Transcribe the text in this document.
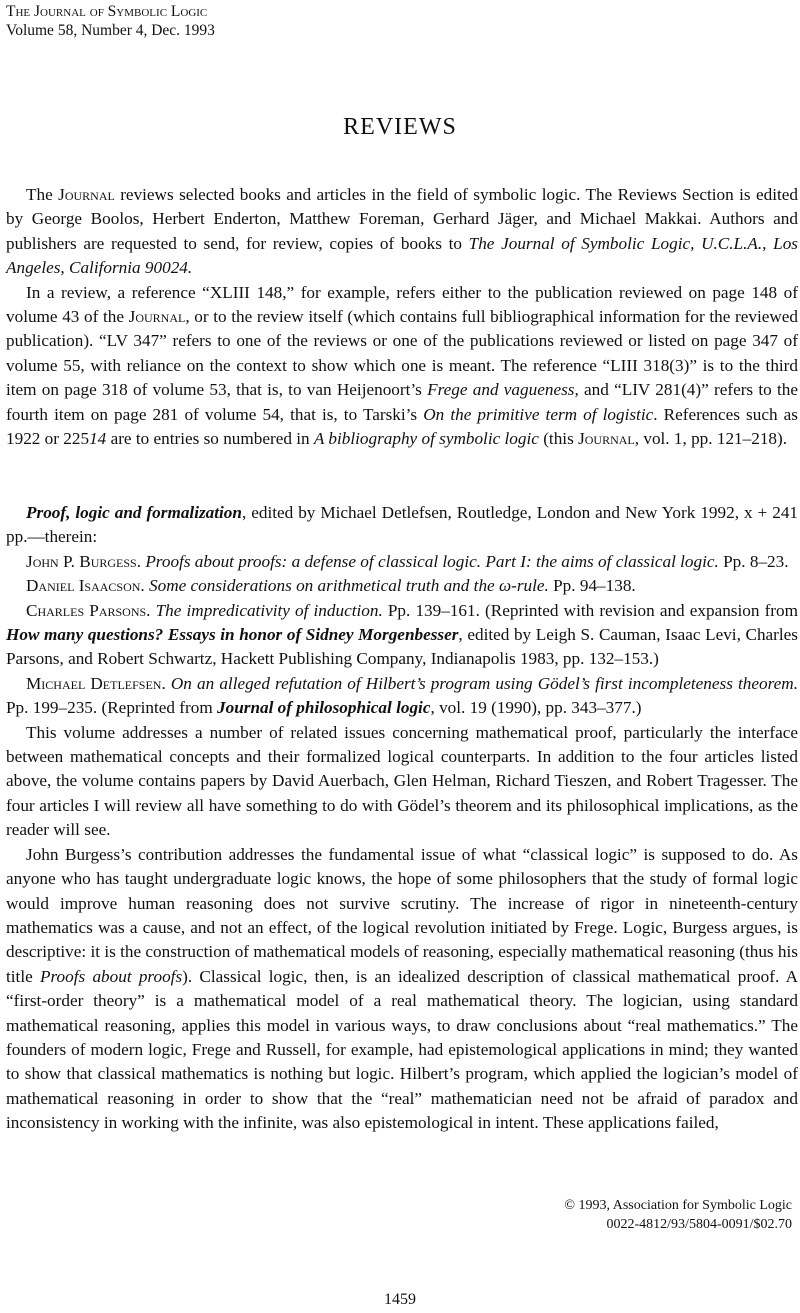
The Journal of Symbolic Logic
Volume 58, Number 4, Dec. 1993
REVIEWS

The Journal reviews selected books and articles in the field of symbolic logic. The Reviews Section is edited by George Boolos, Herbert Enderton, Matthew Foreman, Gerhard Jäger, and Michael Makkai. Authors and publishers are requested to send, for review, copies of books to The Journal of Symbolic Logic, U.C.L.A., Los Angeles, California 90024.

In a review, a reference “XLIII 148,” for example, refers either to the publication reviewed on page 148 of volume 43 of the Journal, or to the review itself (which contains full bibliographical information for the reviewed publication). “LV 347” refers to one of the reviews or one of the publications reviewed or listed on page 347 of volume 55, with reliance on the context to show which one is meant. The reference “LIII 318(3)” is to the third item on page 318 of volume 53, that is, to van Heijenoort’s Frege and vagueness, and “LIV 281(4)” refers to the fourth item on page 281 of volume 54, that is, to Tarski’s On the primitive term of logistic. References such as 1922 or 22514 are to entries so numbered in A bibliography of symbolic logic (this Journal, vol. 1, pp. 121–218).

Proof, logic and formalization, edited by Michael Detlefsen, Routledge, London and New York 1992, x + 241 pp.—therein:

John P. Burgess. Proofs about proofs: a defense of classical logic. Part I: the aims of classical logic. Pp. 8–23.

Daniel Isaacson. Some considerations on arithmetical truth and the ω-rule. Pp. 94–138.

Charles Parsons. The impredicativity of induction. Pp. 139–161. (Reprinted with revision and expansion from How many questions? Essays in honor of Sidney Morgenbesser, edited by Leigh S. Cauman, Isaac Levi, Charles Parsons, and Robert Schwartz, Hackett Publishing Company, Indianapolis 1983, pp. 132–153.)

Michael Detlefsen. On an alleged refutation of Hilbert’s program using Gödel’s first incompleteness theorem. Pp. 199–235. (Reprinted from Journal of philosophical logic, vol. 19 (1990), pp. 343–377.)

This volume addresses a number of related issues concerning mathematical proof, particularly the interface between mathematical concepts and their formalized logical counterparts. In addition to the four articles listed above, the volume contains papers by David Auerbach, Glen Helman, Richard Tieszen, and Robert Tragesser. The four articles I will review all have something to do with Gödel’s theorem and its philosophical implications, as the reader will see.

John Burgess’s contribution addresses the fundamental issue of what “classical logic” is supposed to do. As anyone who has taught undergraduate logic knows, the hope of some philosophers that the study of formal logic would improve human reasoning does not survive scrutiny. The increase of rigor in nineteenth-century mathematics was a cause, and not an effect, of the logical revolution initiated by Frege. Logic, Burgess argues, is descriptive: it is the construction of mathematical models of reasoning, especially mathematical reasoning (thus his title Proofs about proofs). Classical logic, then, is an idealized description of classical mathematical proof. A “first-order theory” is a mathematical model of a real mathematical theory. The logician, using standard mathematical reasoning, applies this model in various ways, to draw conclusions about “real mathematics.” The founders of modern logic, Frege and Russell, for example, had epistemological applications in mind; they wanted to show that classical mathematics is nothing but logic. Hilbert’s program, which applied the logician’s model of mathematical reasoning in order to show that the “real” mathematician need not be afraid of paradox and inconsistency in working with the infinite, was also epistemological in intent. These applications failed,

© 1993, Association for Symbolic Logic
0022-4812/93/5804-0091/$02.70
1459
